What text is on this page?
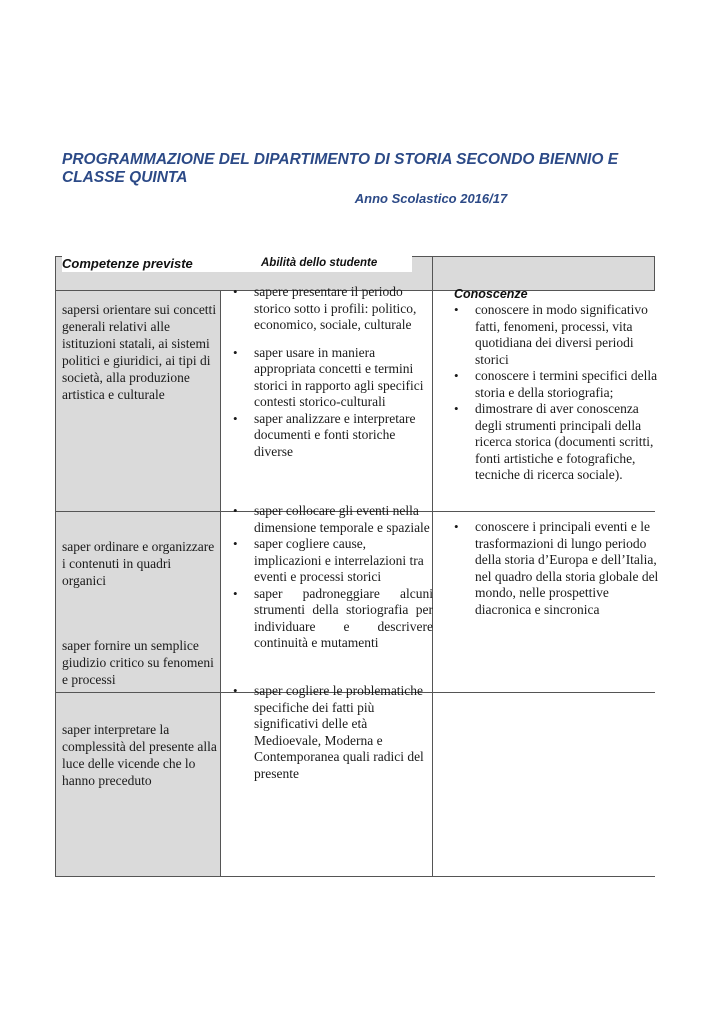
PROGRAMMAZIONE DEL DIPARTIMENTO DI STORIA SECONDO BIENNIO E CLASSE QUINTA
Anno Scolastico 2016/17
Competenze previste	Abilità dello studente
Conoscenze
sapersi orientare sui concetti generali relativi alle istituzioni statali, ai sistemi politici e giuridici, ai tipi di società, alla produzione artistica e culturale
• sapere presentare il periodo storico sotto i profili: politico, economico, sociale, culturale
• saper usare in maniera appropriata concetti e termini storici in rapporto agli specifici contesti storico-culturali
• saper analizzare e interpretare documenti e fonti storiche diverse
• conoscere in modo significativo fatti, fenomeni, processi, vita quotidiana dei diversi periodi storici
• conoscere i termini specifici della storia e della storiografia;
• dimostrare di aver conoscenza degli strumenti principali della ricerca storica (documenti scritti, fonti artistiche e fotografiche, tecniche di ricerca sociale).
saper ordinare e organizzare i contenuti in quadri organici
saper fornire un semplice giudizio critico su fenomeni e processi
• saper collocare gli eventi nella dimensione temporale e spaziale
• saper cogliere cause, implicazioni e interrelazioni tra eventi e processi storici
• saper padroneggiare alcuni strumenti della storiografia per individuare e descrivere continuità e mutamenti
• conoscere i principali eventi e le trasformazioni di lungo periodo della storia d’Europa e dell’Italia, nel quadro della storia globale del mondo, nelle prospettive diacronica e sincronica
saper interpretare la complessità del presente alla luce delle vicende che lo hanno preceduto
• saper cogliere le problematiche specifiche dei fatti più significativi delle età Medioevale, Moderna e Contemporanea quali radici del presente
